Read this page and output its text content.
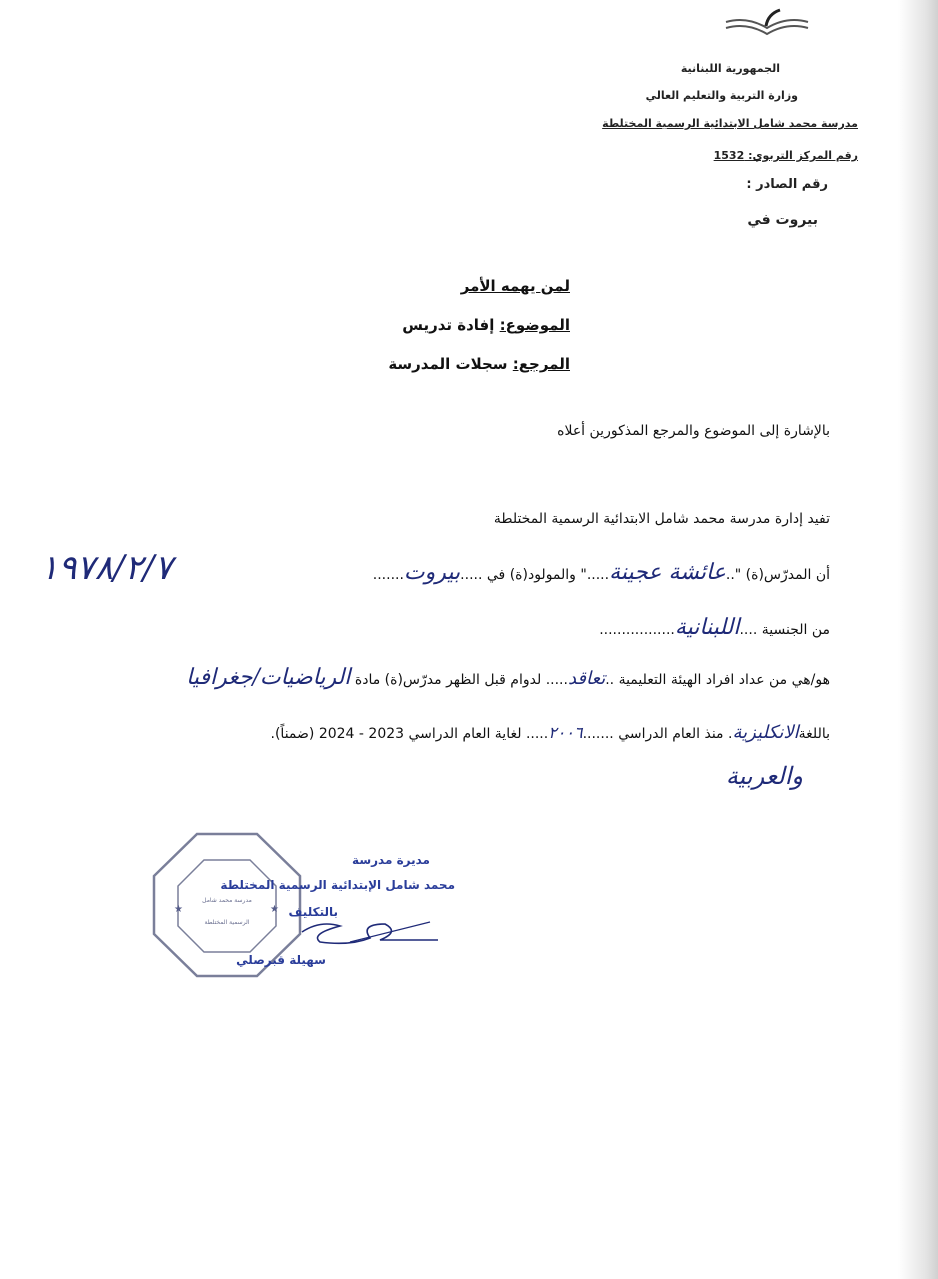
الجمهورية اللبنانية
وزارة التربية والتعليم العالي
مدرسة محمد شامل الابتدائية الرسمية المختلطة
رقم المركز التربوي: 1532
رقم الصادر :
بيروت في
لمن يهمه الأمر
الموضوع: إفادة تدريس
المرجع: سجلات المدرسة
بالإشارة إلى الموضوع والمرجع المذكورين أعلاه
تفيد إدارة مدرسة محمد شامل الابتدائية الرسمية المختلطة
أن المدرّس(ة) "..عائشة عجينة....." والمولود(ة) في .....بيروت.......
١٩٧٨/٢/٧
من الجنسية ....اللبنانية.................
هو/هي من عداد افراد الهيئة التعليمية ..تعاقد..... لدوام قبل الظهر مدرّس(ة) مادة الرياضيات/جغرافيا
باللغةالانكليزية. منذ العام الدراسي .......٢٠٠٦..... لغاية العام الدراسي 2023 - 2024 (ضمناً).
والعربية
★	★
مدرسة محمد شامل
الرسمية المختلطة
مديرة مدرسة
محمد شامل الإبتدائية الرسمية المختلطة
بالتكليف
سهيلة قبرصلي
